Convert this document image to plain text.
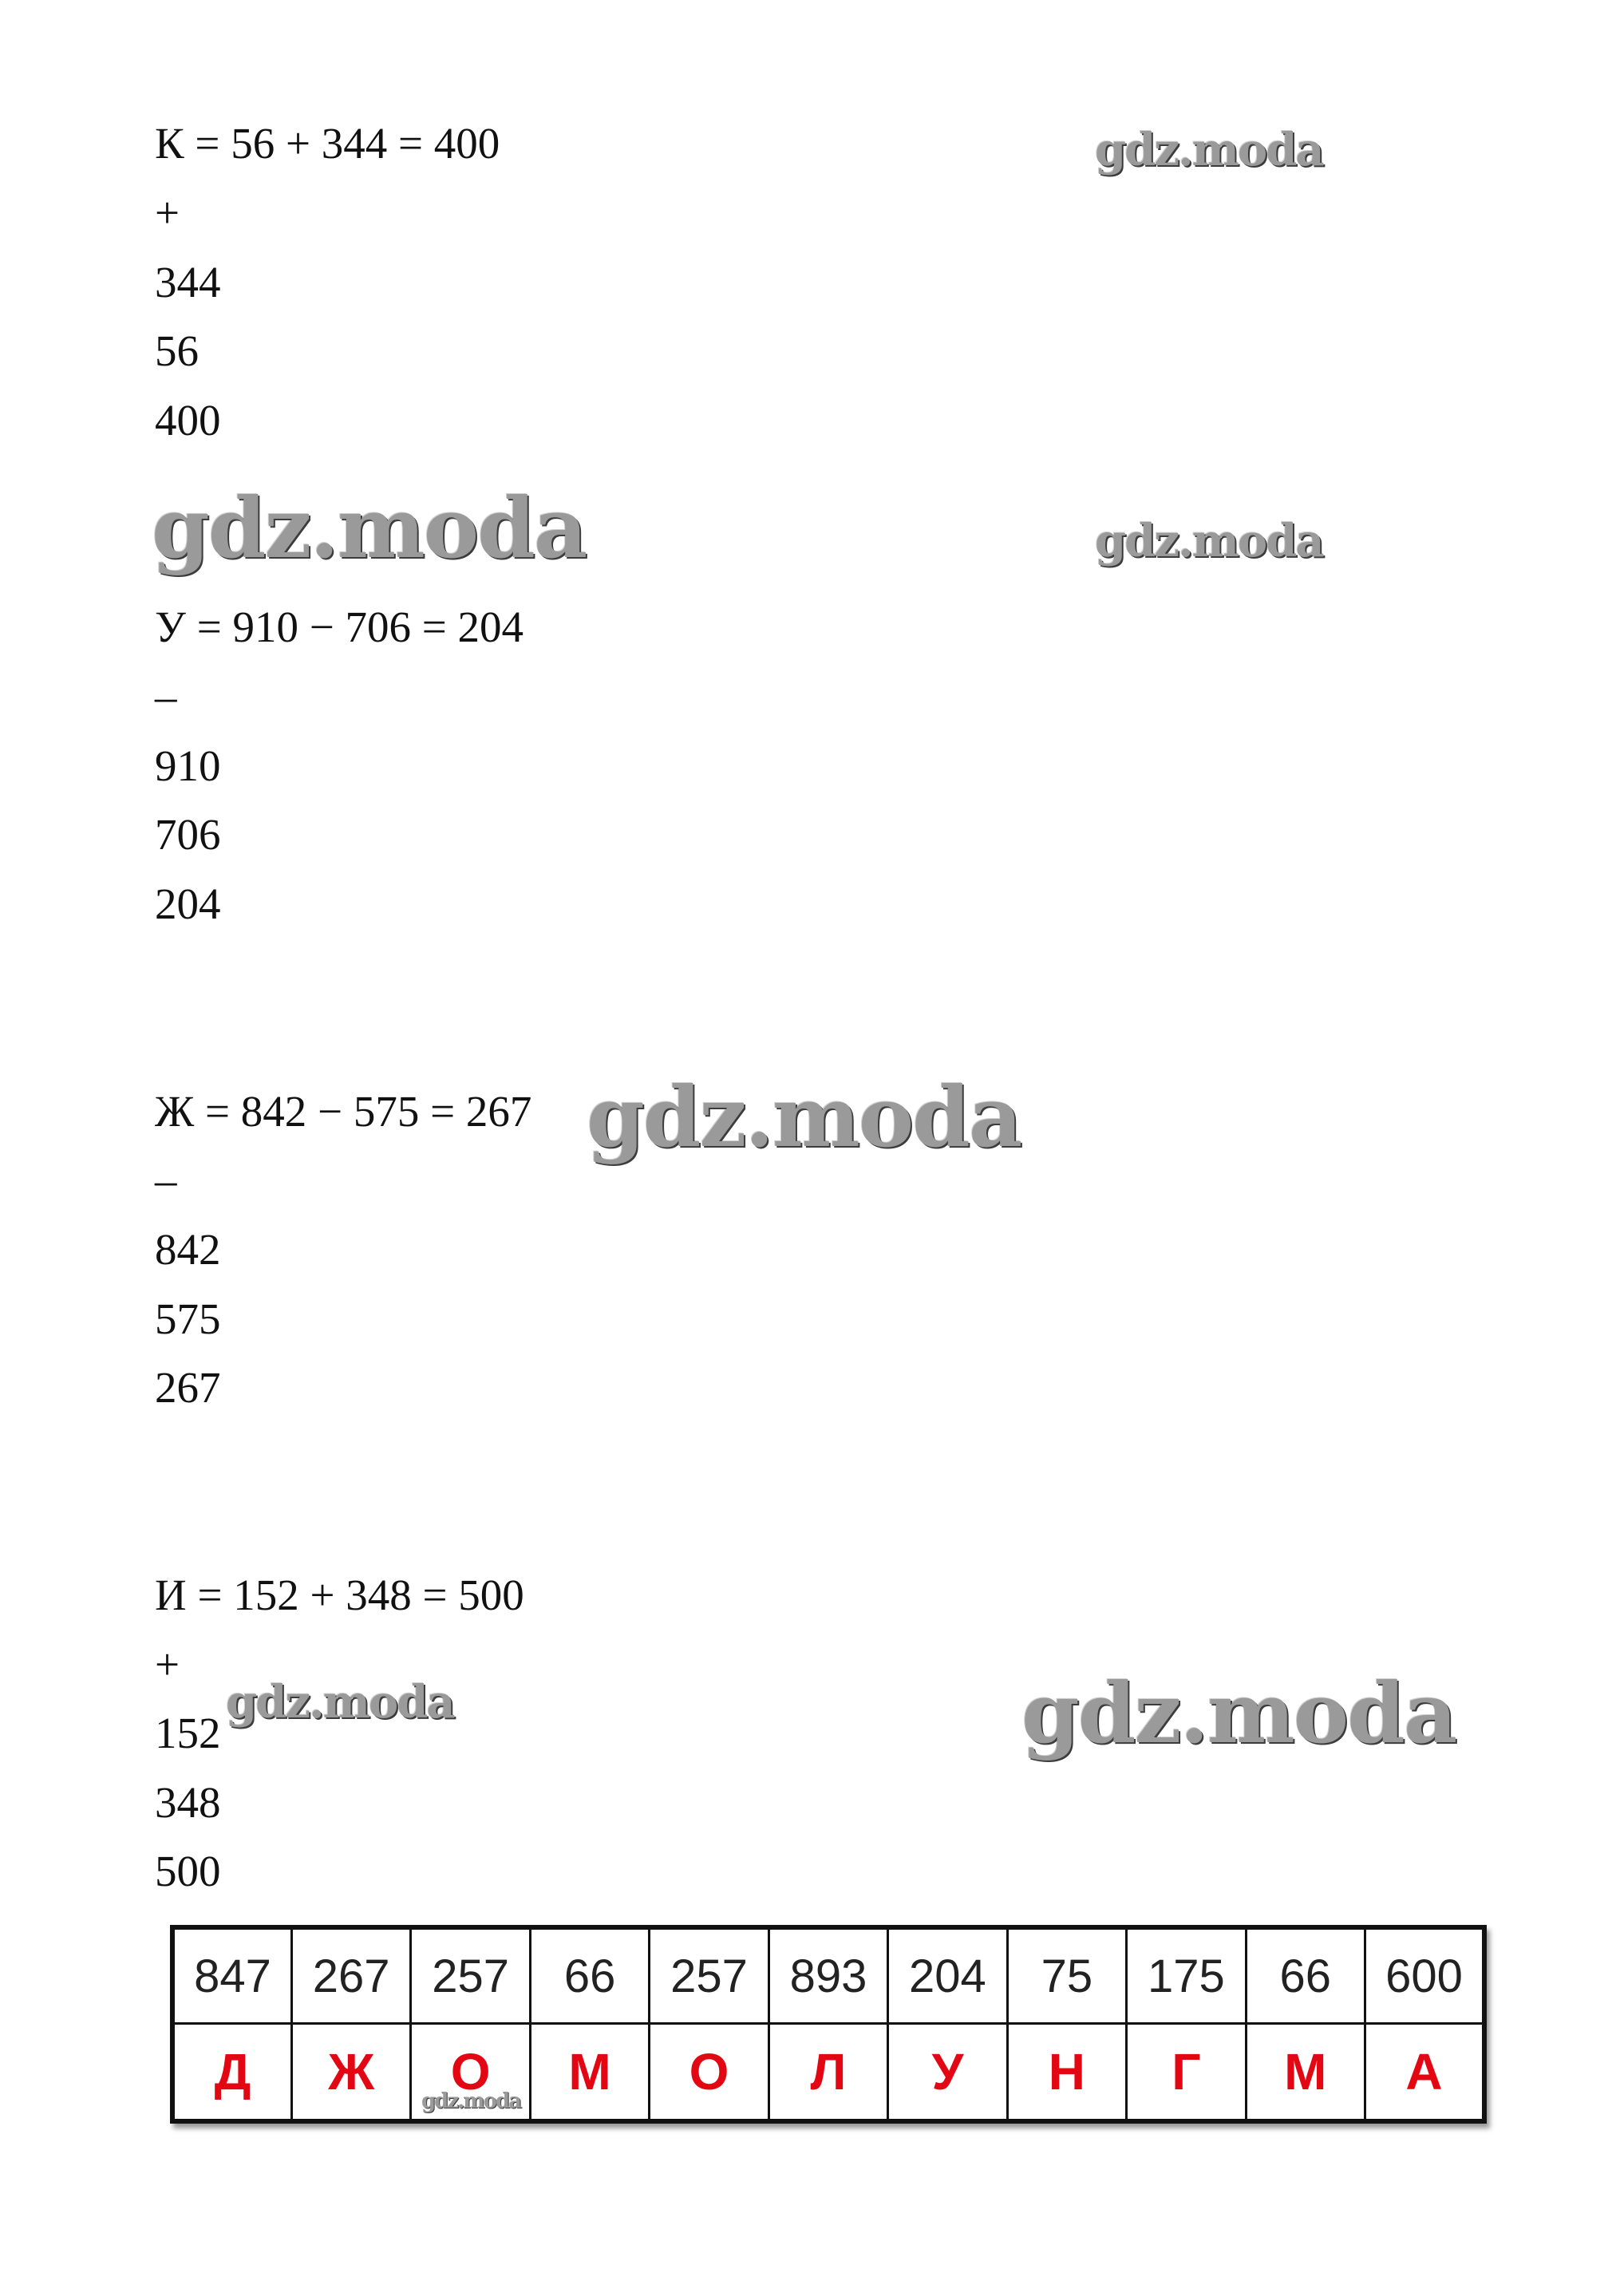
К = 56 + 344 = 400
+
344
56
400
У = 910 − 706 = 204
–
910
706
204
Ж = 842 − 575 = 267
–
842
575
267
И = 152 + 348 = 500
+
152
348
500
gdz.moda
gdz.moda	gdz.moda
gdz.moda
gdz.moda	gdz.moda
847	267	257	66	257	893	204	75	175	66	600
Д	Ж	О	М	О	Л	У	Н	Г	М	А
gdz.moda
